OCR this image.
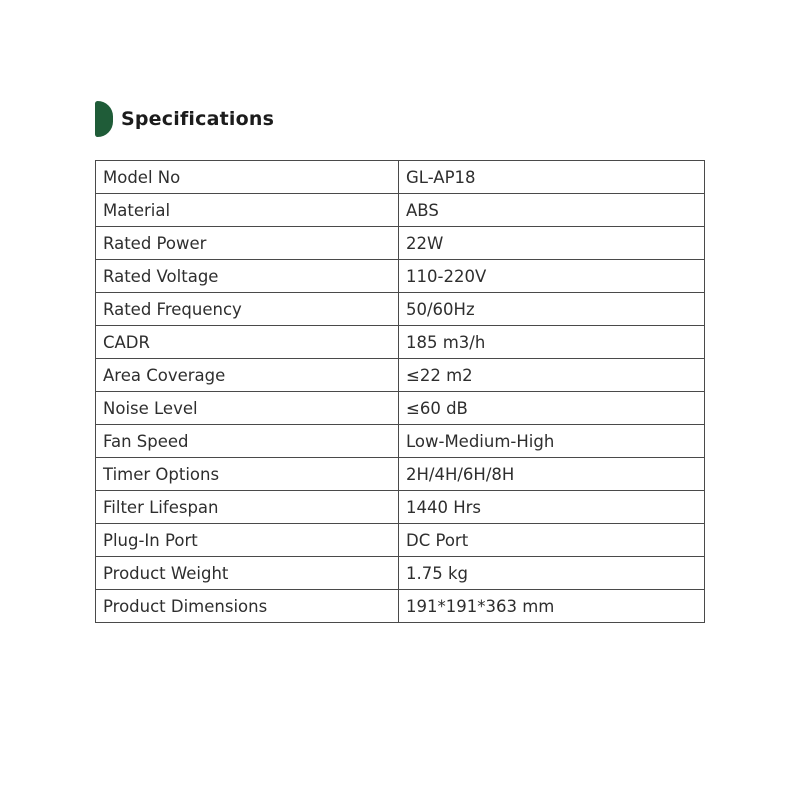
Specifications
Model No	GL-AP18
Material	ABS
Rated Power	22W
Rated Voltage	110-220V
Rated Frequency	50/60Hz
CADR	185 m3/h
Area Coverage	≤22 m2
Noise Level	≤60 dB
Fan Speed	Low-Medium-High
Timer Options	2H/4H/6H/8H
Filter Lifespan	1440 Hrs
Plug-In Port	DC Port
Product Weight	1.75 kg
Product Dimensions	191*191*363 mm
